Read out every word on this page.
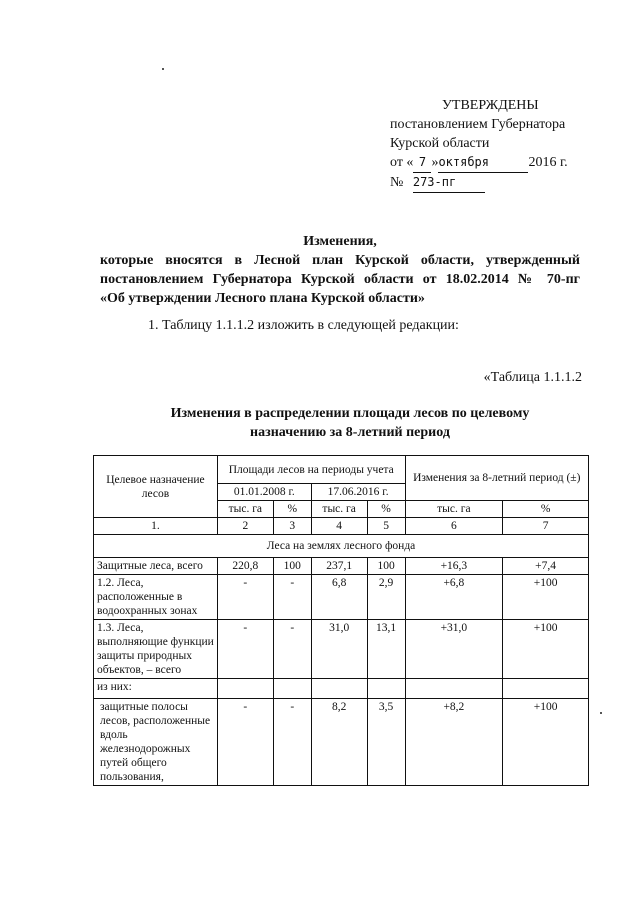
УТВЕРЖДЕНЫ
постановлением Губернатора
Курской области
от « 7 »октября	2016 г.
№ 273-пг
Изменения,
которые вносятся в Лесной план Курской области, утвержденный
постановлением Губернатора Курской области от 18.02.2014 № 70-пг
«Об утверждении Лесного плана Курской области»
1. Таблицу 1.1.1.2 изложить в следующей редакции:
«Таблица 1.1.1.2
Изменения в распределении площади лесов по целевому
назначению за 8-летний период
Целевое назначение лесов	Площади лесов на периоды учета				Изменения за 8-летний период (±)	
	01.01.2008 г.		17.06.2016 г.			
	тыс. га	%	тыс. га	%	тыс. га	%
1.	2	3	4	5	6	7
Леса на землях лесного фонда						
Защитные леса, всего	220,8	100	237,1	100	+16,3	+7,4
1.2. Леса, расположенные в водоохранных зонах	-	-	6,8	2,9	+6,8	+100
1.3. Леса, выполняющие функции защиты природных объектов, – всего	-	-	31,0	13,1	+31,0	+100
из них:						
защитные полосы лесов, расположенные вдоль железнодорожных путей общего пользования,	-	-	8,2	3,5	+8,2	+100
